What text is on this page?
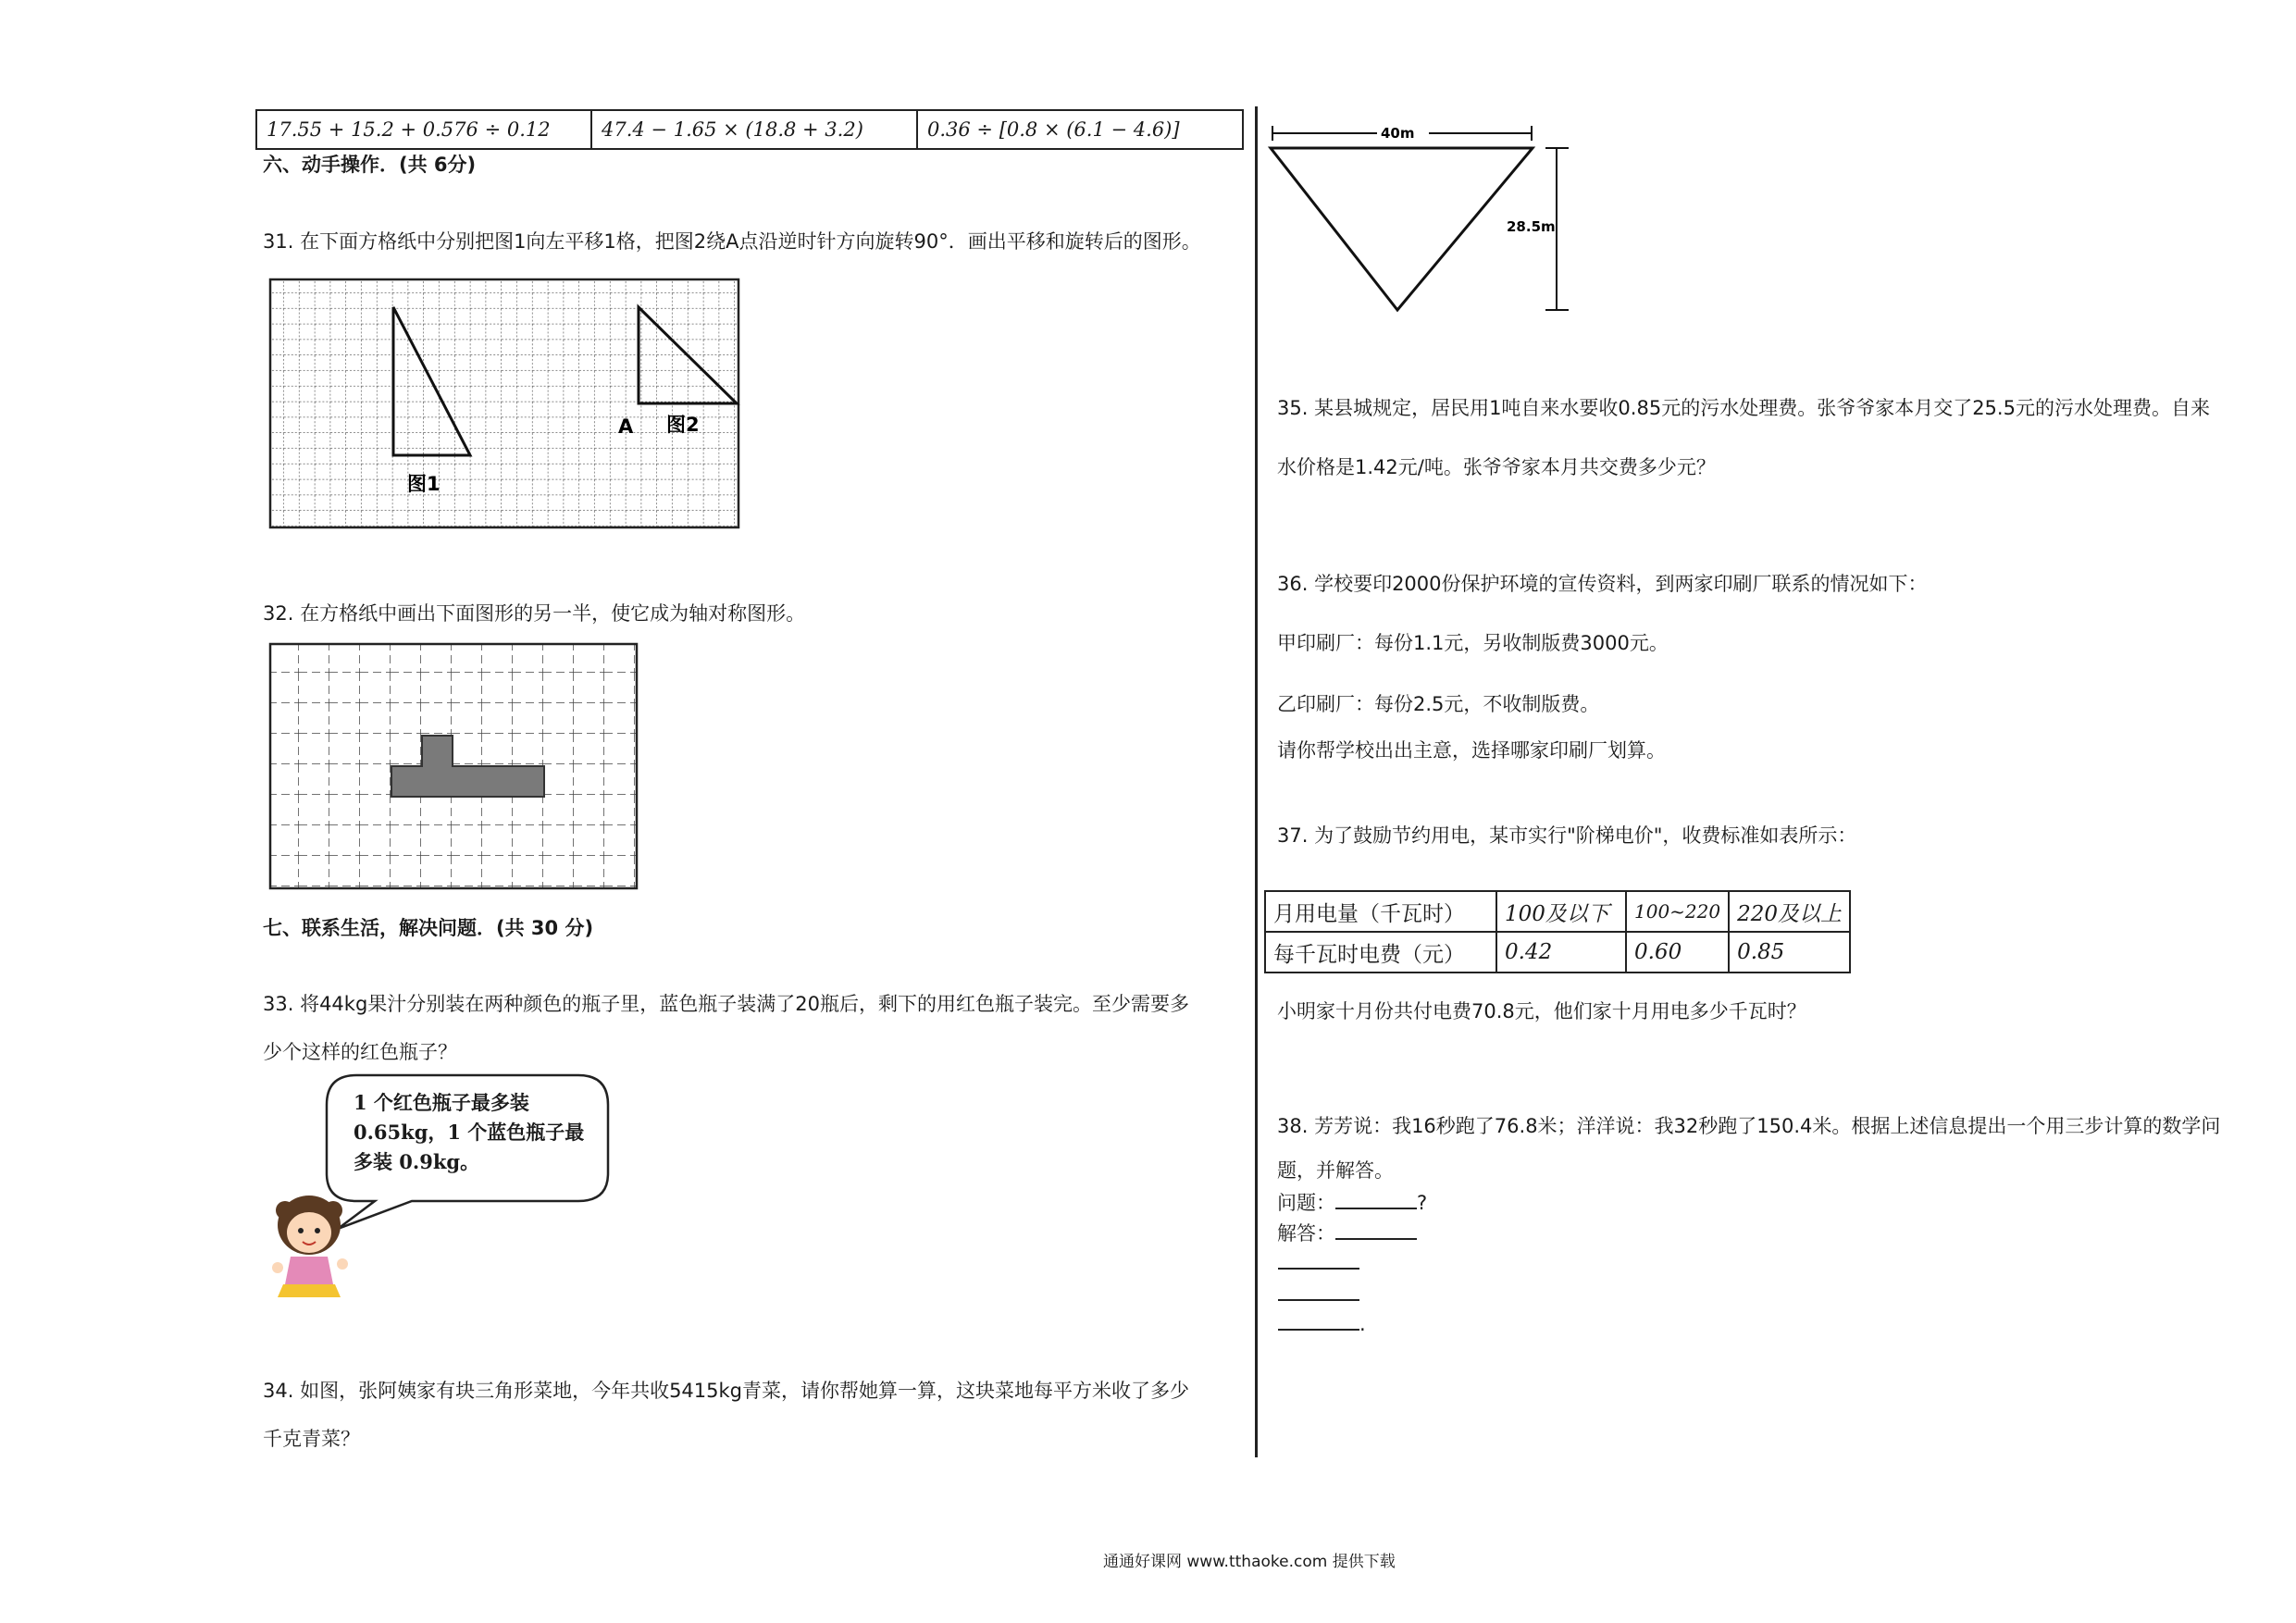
17.55 + 15.2 + 0.576 ÷ 0.12	47.4 − 1.65 × (18.8 + 3.2)	0.36 ÷ [0.8 × (6.1 − 4.6)]
六、动手操作．(共 6分)
31. 在下面方格纸中分别把图1向左平移1格，把图2绕A点沿逆时针方向旋转90°．画出平移和旋转后的图形。
图1
图2
A
32. 在方格纸中画出下面图形的另一半，使它成为轴对称图形。
七、联系生活，解决问题．(共 30 分)
33. 将44kg果汁分别装在两种颜色的瓶子里，蓝色瓶子装满了20瓶后，剩下的用红色瓶子装完。至少需要多
少个这样的红色瓶子？
1 个红色瓶子最多装
0.65kg，1 个蓝色瓶子最
多装 0.9kg。
34. 如图，张阿姨家有块三角形菜地，今年共收5415kg青菜，请你帮她算一算，这块菜地每平方米收了多少
千克青菜？
40m
28.5m
35. 某县城规定，居民用1吨自来水要收0.85元的污水处理费。张爷爷家本月交了25.5元的污水处理费。自来
水价格是1.42元/吨。张爷爷家本月共交费多少元？
36. 学校要印2000份保护环境的宣传资料，到两家印刷厂联系的情况如下：
甲印刷厂：每份1.1元，另收制版费3000元。
乙印刷厂：每份2.5元，不收制版费。
请你帮学校出出主意，选择哪家印刷厂划算。
37. 为了鼓励节约用电，某市实行"阶梯电价"，收费标准如表所示：
月用电量（千瓦时）	100及以下	100~220	220及以上
每千瓦时电费（元）	0.42	0.60	0.85
小明家十月份共付电费70.8元，他们家十月用电多少千瓦时？
38. 芳芳说：我16秒跑了76.8米；洋洋说：我32秒跑了150.4米。根据上述信息提出一个用三步计算的数学问
题，并解答。
问题：	?
解答：
.
通通好课网 www.tthaoke.com 提供下载
